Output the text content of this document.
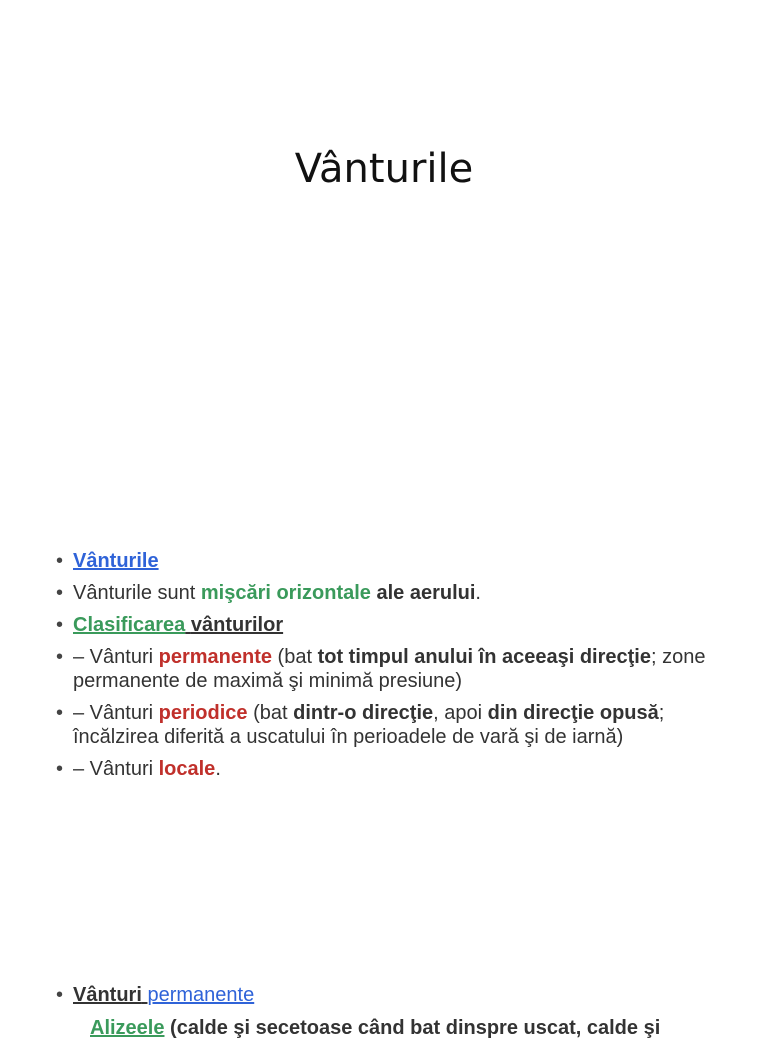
Vânturile
• Vânturile
• Vânturile sunt mişcări orizontale ale aerului.
• Clasificarea vânturilor
• – Vânturi permanente (bat tot timpul anului în aceeaşi direcţie; zone permanente de maximă şi minimă presiune)
• – Vânturi periodice (bat dintr-o direcţie, apoi din direcţie opusă; încălzirea diferită a uscatului în perioadele de vară şi de iarnă)
• – Vânturi locale.
• Vânturi permanente
Alizeele (calde şi secetoase când bat dinspre uscat, calde şi
